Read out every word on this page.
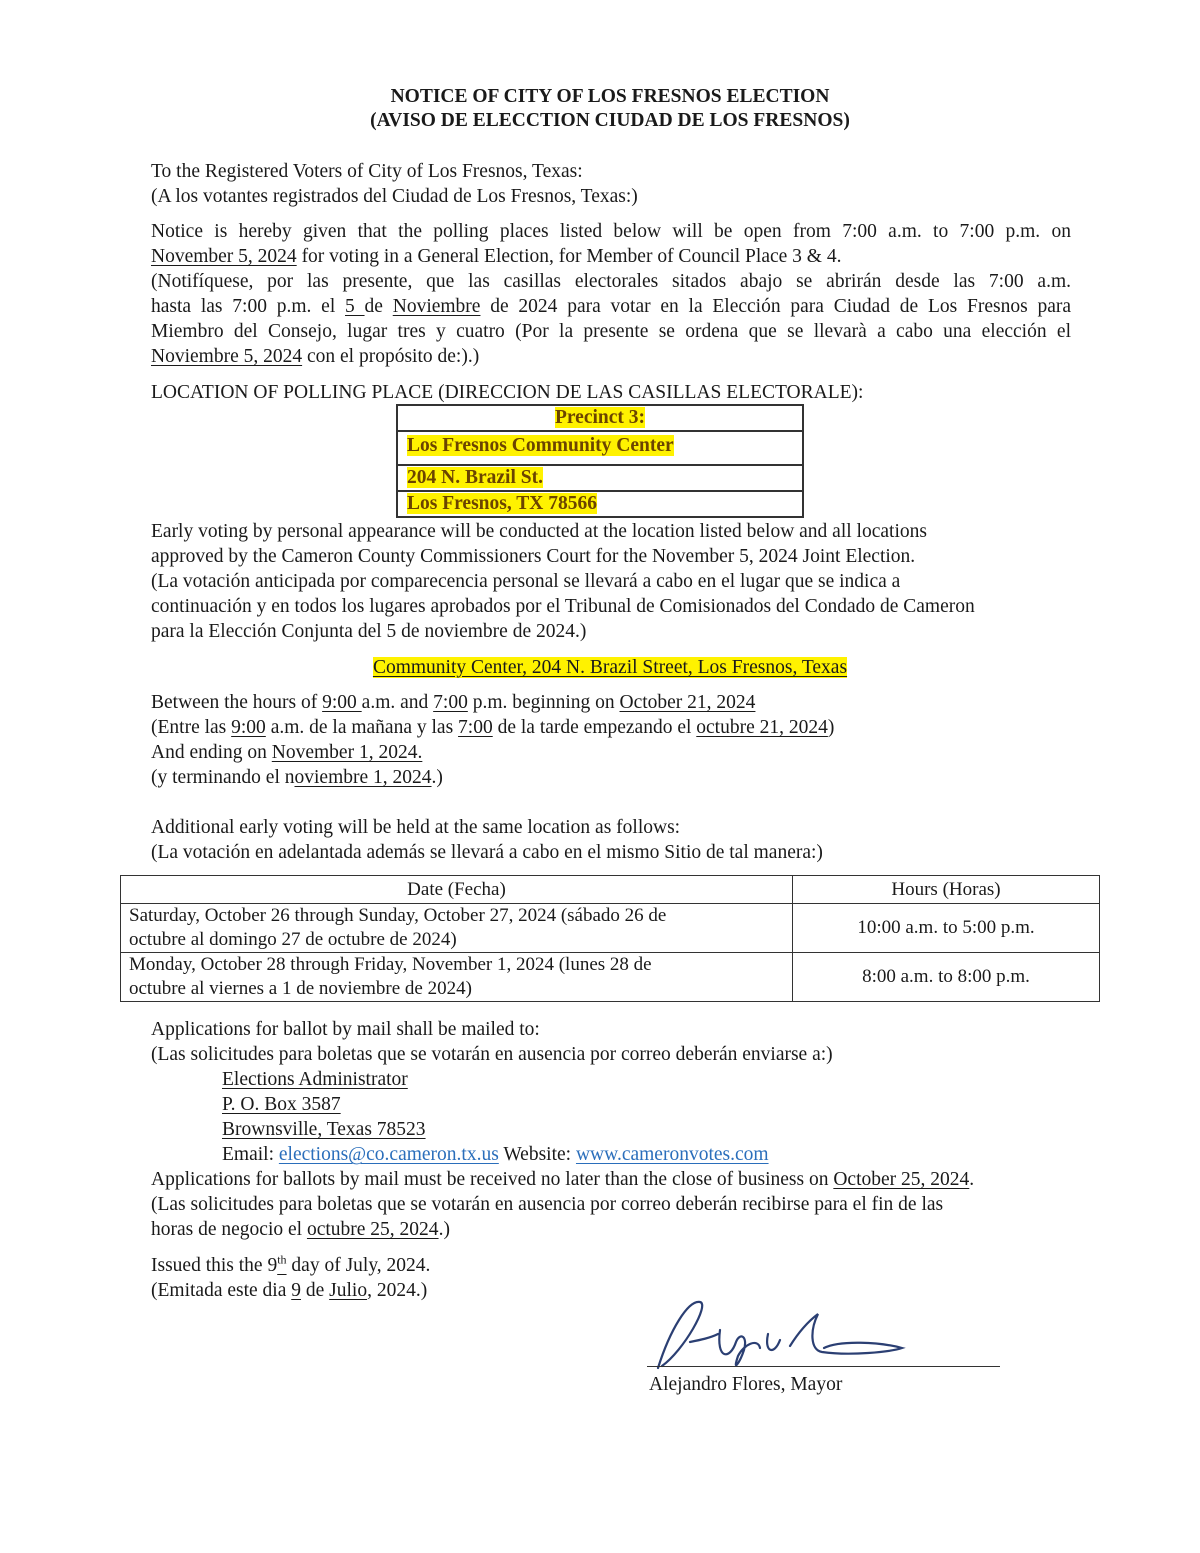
NOTICE OF CITY OF LOS FRESNOS ELECTION
(AVISO DE ELECCTION CIUDAD DE LOS FRESNOS)
To the Registered Voters of City of Los Fresnos, Texas:
(A los votantes registrados del Ciudad de Los Fresnos, Texas:)
Notice is hereby given that the polling places listed below will be open from 7:00 a.m. to 7:00 p.m. on
November 5, 2024 for voting in a General Election, for Member of Council Place 3 & 4.
(Notifíquese, por las presente, que las casillas electorales sitados abajo se abrirán desde las 7:00 a.m.
hasta las 7:00 p.m. el 5 de Noviembre de 2024 para votar en la Elección para Ciudad de Los Fresnos para
Miembro del Consejo, lugar tres y cuatro (Por la presente se ordena que se llevarà a cabo una elección el
Noviembre 5, 2024 con el propósito de:).)
LOCATION OF POLLING PLACE (DIRECCION DE LAS CASILLAS ELECTORALE):
Precinct 3:
Los Fresnos Community Center
204 N. Brazil St.
Los Fresnos, TX 78566
Early voting by personal appearance will be conducted at the location listed below and all locations
approved by the Cameron County Commissioners Court for the November 5, 2024 Joint Election.
(La votación anticipada por comparecencia personal se llevará a cabo en el lugar que se indica a
continuación y en todos los lugares aprobados por el Tribunal de Comisionados del Condado de Cameron
para la Elección Conjunta del 5 de noviembre de 2024.)
Community Center, 204 N. Brazil Street, Los Fresnos, Texas
Between the hours of 9:00 a.m. and 7:00 p.m. beginning on October 21, 2024
(Entre las 9:00 a.m. de la mañana y las 7:00 de la tarde empezando el octubre 21, 2024)
And ending on November 1, 2024.
(y terminando el noviembre 1, 2024.)
Additional early voting will be held at the same location as follows:
(La votación en adelantada además se llevará a cabo en el mismo Sitio de tal manera:)
Date (Fecha)	Hours (Horas)

Saturday, October 26 through Sunday, October 27, 2024 (sábado 26 de
octubre al domingo 27 de octubre de 2024)	10:00 a.m. to 5:00 p.m.

Monday, October 28 through Friday, November 1, 2024 (lunes 28 de
octubre al viernes a 1 de noviembre de 2024)	8:00 a.m. to 8:00 p.m.
Applications for ballot by mail shall be mailed to:
(Las solicitudes para boletas que se votarán en ausencia por correo deberán enviarse a:)
Elections Administrator
P. O. Box 3587
Brownsville, Texas 78523
Email: elections@co.cameron.tx.us Website: www.cameronvotes.com
Applications for ballots by mail must be received no later than the close of business on October 25, 2024.
(Las solicitudes para boletas que se votarán en ausencia por correo deberán recibirse para el fin de las
horas de negocio el octubre 25, 2024.)
Issued this the 9th day of July, 2024.
(Emitada este dia 9 de Julio, 2024.)
Alejandro Flores, Mayor
